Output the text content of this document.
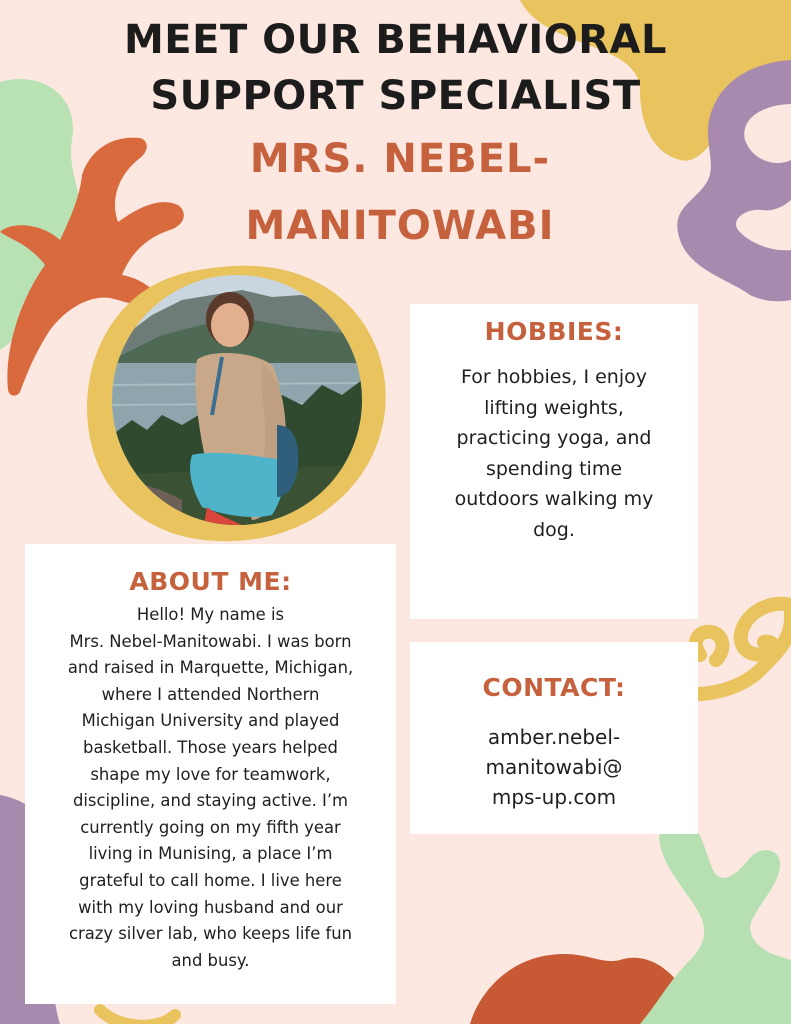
MEET OUR BEHAVIORAL
SUPPORT SPECIALIST
MRS. NEBEL-
MANITOWABI
HOBBIES:

For hobbies, I enjoy
lifting weights,
practicing yoga, and
spending time
outdoors walking my
dog.

CONTACT:

amber.nebel-
manitowabi@
mps-up.com

ABOUT ME:

Hello! My name is
Mrs. Nebel-Manitowabi. I was born
and raised in Marquette, Michigan,
where I attended Northern
Michigan University and played
basketball. Those years helped
shape my love for teamwork,
discipline, and staying active. I’m
currently going on my fifth year
living in Munising, a place I’m
grateful to call home. I live here
with my loving husband and our
crazy silver lab, who keeps life fun
and busy.
